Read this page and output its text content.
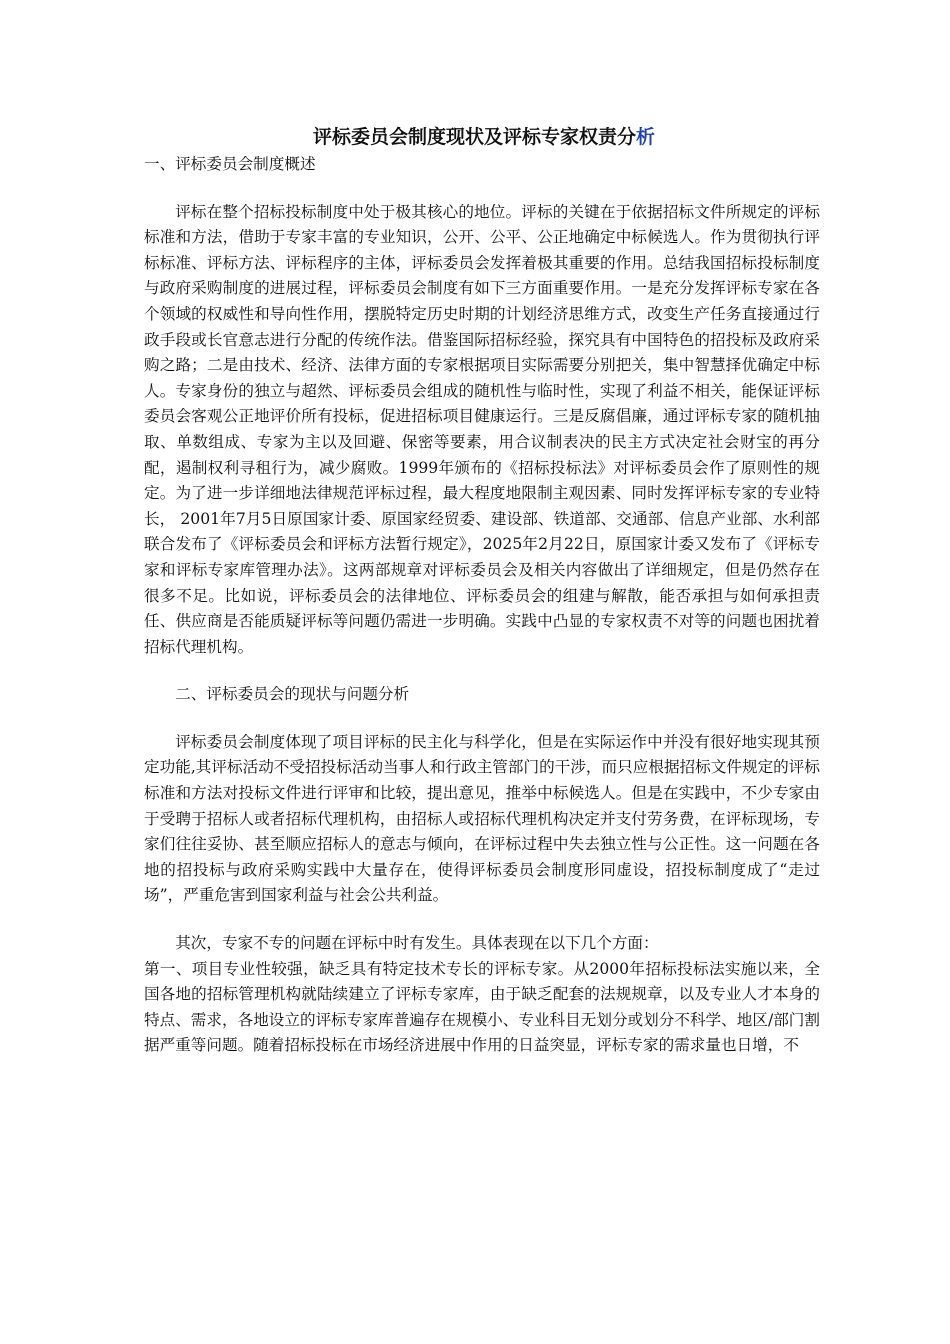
评标委员会制度现状及评标专家权责分析

一、评标委员会制度概述

评标在整个招标投标制度中处于极其核心的地位。评标的关键在于依据招标文件所规定的评标标准和方法，借助于专家丰富的专业知识，公开、公平、公正地确定中标候选人。作为贯彻执行评标标准、评标方法、评标程序的主体，评标委员会发挥着极其重要的作用。总结我国招标投标制度与政府采购制度的进展过程，评标委员会制度有如下三方面重要作用。一是充分发挥评标专家在各个领域的权威性和导向性作用，摆脱特定历史时期的计划经济思维方式，改变生产任务直接通过行政手段或长官意志进行分配的传统作法。借鉴国际招标经验，探究具有中国特色的招投标及政府采购之路；二是由技术、经济、法律方面的专家根据项目实际需要分别把关，集中智慧择优确定中标人。专家身份的独立与超然、评标委员会组成的随机性与临时性，实现了利益不相关，能保证评标委员会客观公正地评价所有投标，促进招标项目健康运行。三是反腐倡廉，通过评标专家的随机抽取、单数组成、专家为主以及回避、保密等要素，用合议制表决的民主方式决定社会财宝的再分配，遏制权利寻租行为，减少腐败。1999年颁布的《招标投标法》对评标委员会作了原则性的规定。为了进一步详细地法律规范评标过程，最大程度地限制主观因素、同时发挥评标专家的专业特长， 2001年7月5日原国家计委、原国家经贸委、建设部、铁道部、交通部、信息产业部、水利部联合发布了《评标委员会和评标方法暂行规定》，2025年2月22日，原国家计委又发布了《评标专家和评标专家库管理办法》。这两部规章对评标委员会及相关内容做出了详细规定，但是仍然存在很多不足。比如说，评标委员会的法律地位、评标委员会的组建与解散，能否承担与如何承担责任、供应商是否能质疑评标等问题仍需进一步明确。实践中凸显的专家权责不对等的问题也困扰着招标代理机构。

二、评标委员会的现状与问题分析

评标委员会制度体现了项目评标的民主化与科学化，但是在实际运作中并没有很好地实现其预定功能,其评标活动不受招投标活动当事人和行政主管部门的干涉，而只应根据招标文件规定的评标标准和方法对投标文件进行评审和比较，提出意见，推举中标候选人。但是在实践中，不少专家由于受聘于招标人或者招标代理机构，由招标人或招标代理机构决定并支付劳务费，在评标现场，专家们往往妥协、甚至顺应招标人的意志与倾向，在评标过程中失去独立性与公正性。这一问题在各地的招投标与政府采购实践中大量存在，使得评标委员会制度形同虚设，招投标制度成了“走过场”，严重危害到国家利益与社会公共利益。

其次，专家不专的问题在评标中时有发生。具体表现在以下几个方面：

第一、项目专业性较强，缺乏具有特定技术专长的评标专家。从2000年招标投标法实施以来，全国各地的招标管理机构就陆续建立了评标专家库，由于缺乏配套的法规规章，以及专业人才本身的特点、需求，各地设立的评标专家库普遍存在规模小、专业科目无划分或划分不科学、地区/部门割据严重等问题。随着招标投标在市场经济进展中作用的日益突显，评标专家的需求量也日增，不
